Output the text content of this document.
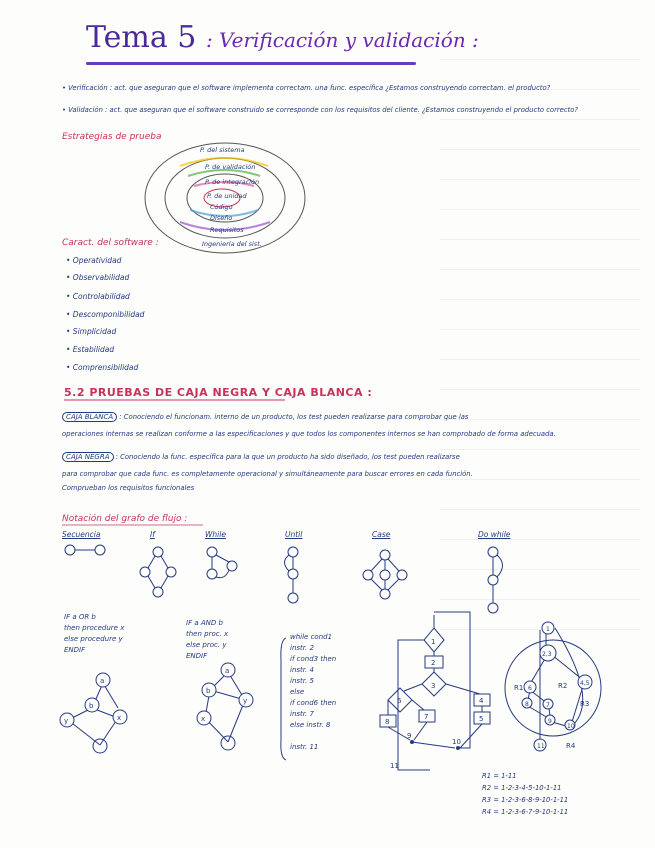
Tema 5 : Verificación y validación :
• Verificación : act. que aseguran que el software implementa correctam. una func. específica ¿Estamos construyendo correctam. el producto?
• Validación : act. que aseguran que el software construido se corresponde con los requisitos del cliente. ¿Estamos construyendo el producto correcto?
Estrategias de prueba
Caract. del software :
• Operatividad
• Observabilidad
• Controlabilidad
• Descomponibilidad
• Simplicidad
• Estabilidad
• Comprensibilidad
a
b
x
y
a
b
x
y
1
2
3
4
5
6
7
8
9
10
11
1
2,3
4,5
6
7
8
9
10
11
R1	R2
R3
R4
P. del sistema
P. de validación
P. de integración
P. de unidad
Código
Diseño
Requisitos
Ingeniería del sist.
5.2 PRUEBAS DE CAJA NEGRA Y CAJA BLANCA :
CAJA BLANCA : Conociendo el funcionam. interno de un producto, los test pueden realizarse para comprobar que las
operaciones internas se realizan conforme a las especificaciones y que todos los componentes internos se han comprobado de forma adecuada.
CAJA NEGRA : Conociendo la func. específica para la que un producto ha sido diseñado, los test pueden realizarse
para comprobar que cada func. es completamente operacional y simultáneamente para buscar errores en cada función.
Comprueban los requisitos funcionales
Notación del grafo de flujo :
Secuencia	If	While	Until	Case	Do while
IF a OR b
then procedure x
else procedure y
ENDIF
IF a AND b
then proc. x
else proc. y
ENDIF
while cond1
instr. 2
if cond3 then
instr. 4
instr. 5
else
if cond6 then
instr. 7
else instr. 8

instr. 11
R1 = 1-11
R2 = 1-2-3-4-5-10-1-11
R3 = 1-2-3-6-8-9-10-1-11
R4 = 1-2-3-6-7-9-10-1-11
